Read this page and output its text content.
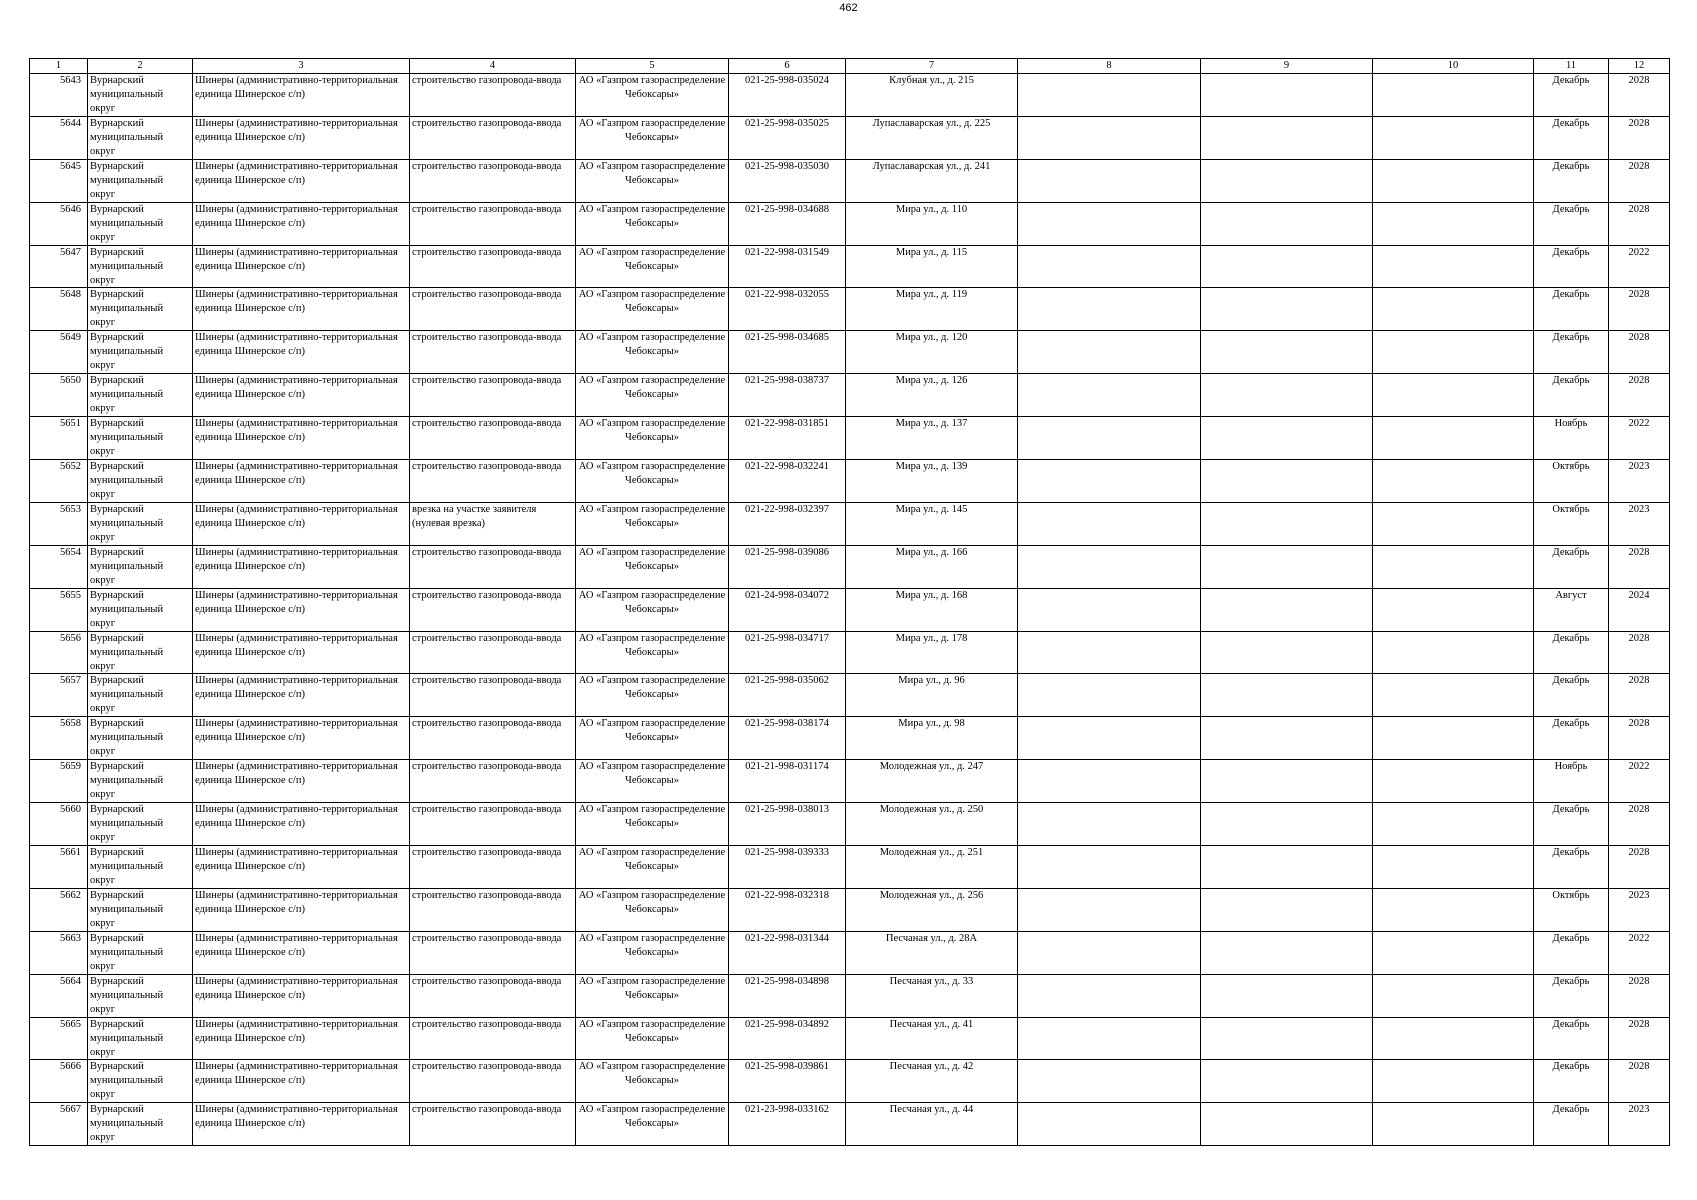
462
1	2	3	4	5	6	7	8	9	10	11	12

5643	Вурнарский муниципальный округ	Шинеры (административно-территориальная единица Шинерское с/п)	строительство газопровода-ввода	АО «Газпром газораспределение Чебоксары»	021-25-998-035024	Клубная ул., д. 215				Декабрь	2028

5644	Вурнарский муниципальный округ	Шинеры (административно-территориальная единица Шинерское с/п)	строительство газопровода-ввода	АО «Газпром газораспределение Чебоксары»	021-25-998-035025	Лупаславарская ул., д. 225				Декабрь	2028

5645	Вурнарский муниципальный округ	Шинеры (административно-территориальная единица Шинерское с/п)	строительство газопровода-ввода	АО «Газпром газораспределение Чебоксары»	021-25-998-035030	Лупаславарская ул., д. 241				Декабрь	2028

5646	Вурнарский муниципальный округ	Шинеры (административно-территориальная единица Шинерское с/п)	строительство газопровода-ввода	АО «Газпром газораспределение Чебоксары»	021-25-998-034688	Мира ул., д. 110				Декабрь	2028

5647	Вурнарский муниципальный округ	Шинеры (административно-территориальная единица Шинерское с/п)	строительство газопровода-ввода	АО «Газпром газораспределение Чебоксары»	021-22-998-031549	Мира ул., д. 115				Декабрь	2022

5648	Вурнарский муниципальный округ	Шинеры (административно-территориальная единица Шинерское с/п)	строительство газопровода-ввода	АО «Газпром газораспределение Чебоксары»	021-22-998-032055	Мира ул., д. 119				Декабрь	2028

5649	Вурнарский муниципальный округ	Шинеры (административно-территориальная единица Шинерское с/п)	строительство газопровода-ввода	АО «Газпром газораспределение Чебоксары»	021-25-998-034685	Мира ул., д. 120				Декабрь	2028

5650	Вурнарский муниципальный округ	Шинеры (административно-территориальная единица Шинерское с/п)	строительство газопровода-ввода	АО «Газпром газораспределение Чебоксары»	021-25-998-038737	Мира ул., д. 126				Декабрь	2028

5651	Вурнарский муниципальный округ	Шинеры (административно-территориальная единица Шинерское с/п)	строительство газопровода-ввода	АО «Газпром газораспределение Чебоксары»	021-22-998-031851	Мира ул., д. 137				Ноябрь	2022

5652	Вурнарский муниципальный округ	Шинеры (административно-территориальная единица Шинерское с/п)	строительство газопровода-ввода	АО «Газпром газораспределение Чебоксары»	021-22-998-032241	Мира ул., д. 139				Октябрь	2023

5653	Вурнарский муниципальный округ	Шинеры (административно-территориальная единица Шинерское с/п)	врезка на участке заявителя (нулевая врезка)	АО «Газпром газораспределение Чебоксары»	021-22-998-032397	Мира ул., д. 145				Октябрь	2023

5654	Вурнарский муниципальный округ	Шинеры (административно-территориальная единица Шинерское с/п)	строительство газопровода-ввода	АО «Газпром газораспределение Чебоксары»	021-25-998-039086	Мира ул., д. 166				Декабрь	2028

5655	Вурнарский муниципальный округ	Шинеры (административно-территориальная единица Шинерское с/п)	строительство газопровода-ввода	АО «Газпром газораспределение Чебоксары»	021-24-998-034072	Мира ул., д. 168				Август	2024

5656	Вурнарский муниципальный округ	Шинеры (административно-территориальная единица Шинерское с/п)	строительство газопровода-ввода	АО «Газпром газораспределение Чебоксары»	021-25-998-034717	Мира ул., д. 178				Декабрь	2028

5657	Вурнарский муниципальный округ	Шинеры (административно-территориальная единица Шинерское с/п)	строительство газопровода-ввода	АО «Газпром газораспределение Чебоксары»	021-25-998-035062	Мира ул., д. 96				Декабрь	2028

5658	Вурнарский муниципальный округ	Шинеры (административно-территориальная единица Шинерское с/п)	строительство газопровода-ввода	АО «Газпром газораспределение Чебоксары»	021-25-998-038174	Мира ул., д. 98				Декабрь	2028

5659	Вурнарский муниципальный округ	Шинеры (административно-территориальная единица Шинерское с/п)	строительство газопровода-ввода	АО «Газпром газораспределение Чебоксары»	021-21-998-031174	Молодежная ул., д. 247				Ноябрь	2022

5660	Вурнарский муниципальный округ	Шинеры (административно-территориальная единица Шинерское с/п)	строительство газопровода-ввода	АО «Газпром газораспределение Чебоксары»	021-25-998-038013	Молодежная ул., д. 250				Декабрь	2028

5661	Вурнарский муниципальный округ	Шинеры (административно-территориальная единица Шинерское с/п)	строительство газопровода-ввода	АО «Газпром газораспределение Чебоксары»	021-25-998-039333	Молодежная ул., д. 251				Декабрь	2028

5662	Вурнарский муниципальный округ	Шинеры (административно-территориальная единица Шинерское с/п)	строительство газопровода-ввода	АО «Газпром газораспределение Чебоксары»	021-22-998-032318	Молодежная ул., д. 256				Октябрь	2023

5663	Вурнарский муниципальный округ	Шинеры (административно-территориальная единица Шинерское с/п)	строительство газопровода-ввода	АО «Газпром газораспределение Чебоксары»	021-22-998-031344	Песчаная ул., д. 28А				Декабрь	2022

5664	Вурнарский муниципальный округ	Шинеры (административно-территориальная единица Шинерское с/п)	строительство газопровода-ввода	АО «Газпром газораспределение Чебоксары»	021-25-998-034898	Песчаная ул., д. 33				Декабрь	2028

5665	Вурнарский муниципальный округ	Шинеры (административно-территориальная единица Шинерское с/п)	строительство газопровода-ввода	АО «Газпром газораспределение Чебоксары»	021-25-998-034892	Песчаная ул., д. 41				Декабрь	2028

5666	Вурнарский муниципальный округ	Шинеры (административно-территориальная единица Шинерское с/п)	строительство газопровода-ввода	АО «Газпром газораспределение Чебоксары»	021-25-998-039861	Песчаная ул., д. 42				Декабрь	2028

5667	Вурнарский муниципальный округ	Шинеры (административно-территориальная единица Шинерское с/п)	строительство газопровода-ввода	АО «Газпром газораспределение Чебоксары»	021-23-998-033162	Песчаная ул., д. 44				Декабрь	2023
